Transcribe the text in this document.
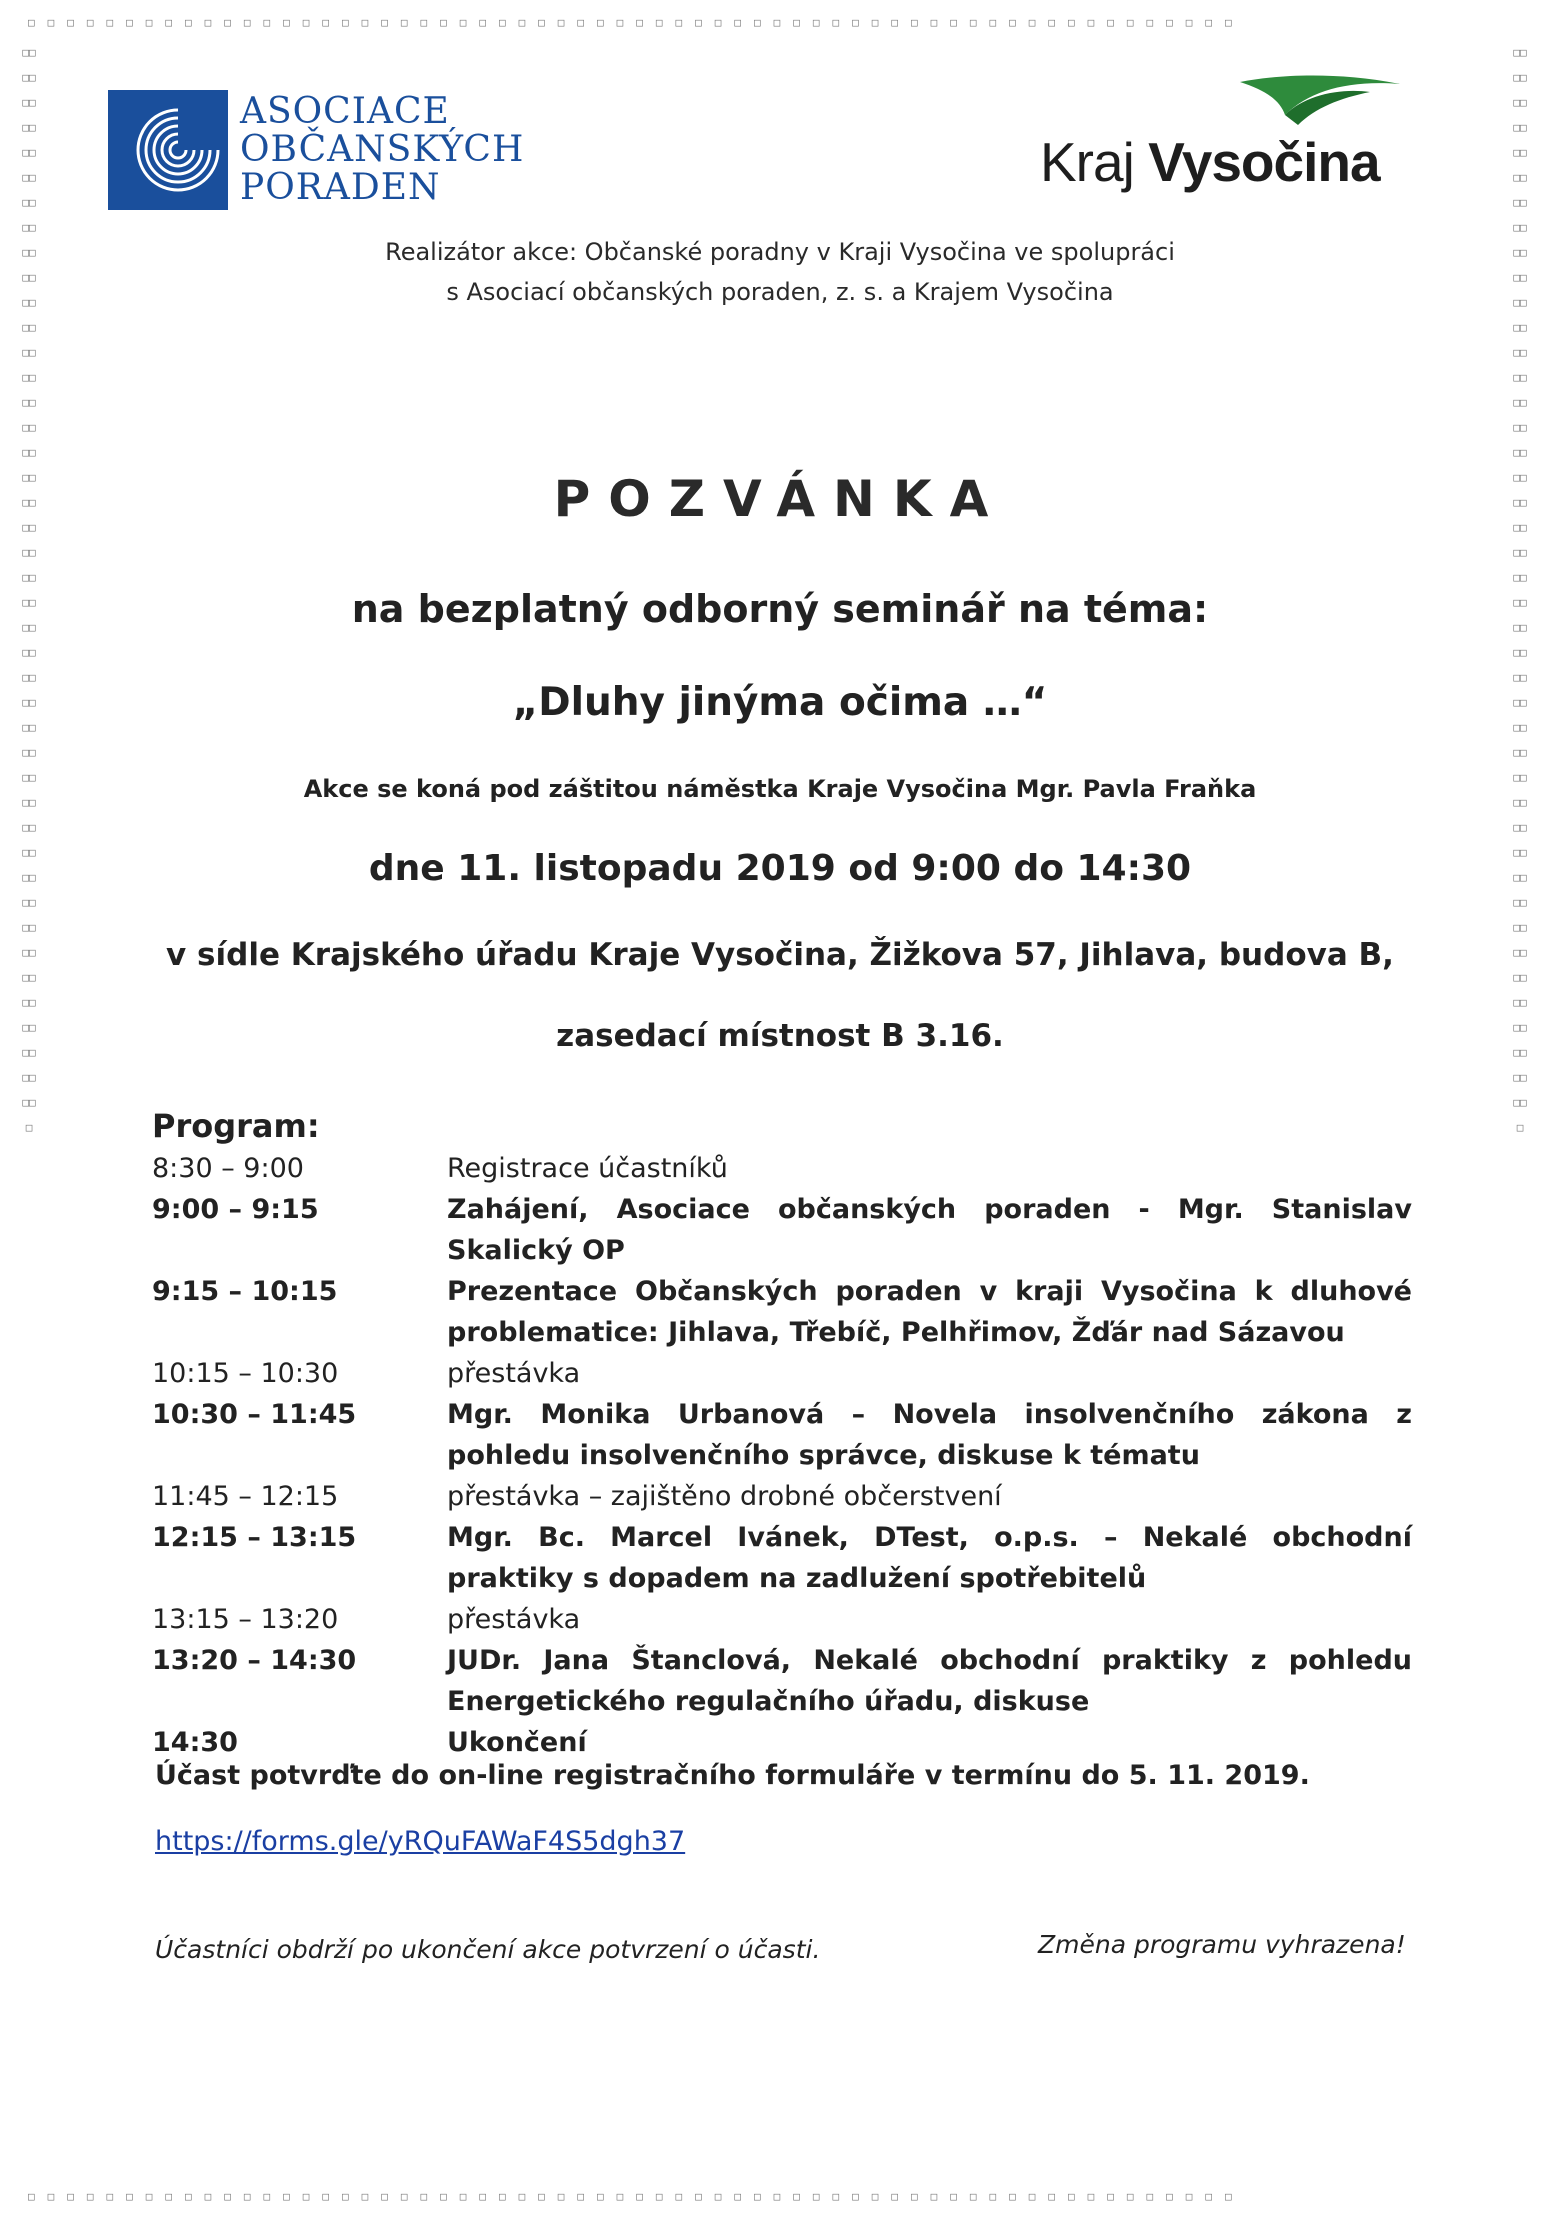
□□□□□□□□□□□□□□□□□□□□□□□□□□□□□□□□□□□□□□□□□□□□□□□□□□□□□□□□□□□□□□
□□□□□□□□□□□□□□□□□□□□□□□□□□□□□□□□□□□□□□□□□□□□□□□□□□□□□□□□□□□□□□
□□□□□□□□□□□□□□□□□□□□□□□□□□□□□□□□□□□□□□□□□□□□□□□□□□□□□□□□□□□□□□□□□□□□□□□□□□□□□□□□□□□□□□□
□□□□□□□□□□□□□□□□□□□□□□□□□□□□□□□□□□□□□□□□□□□□□□□□□□□□□□□□□□□□□□□□□□□□□□□□□□□□□□□□□□□□□□□
ASOCIACE
OBČANSKÝCH
PORADEN	Kraj Vysočina
Realizátor akce: Občanské poradny v Kraji Vysočina ve spolupráci
s Asociací občanských poraden, z. s. a Krajem Vysočina
POZVÁNKA
na bezplatný odborný seminář na téma:
„Dluhy jinýma očima …“
Akce se koná pod záštitou náměstka Kraje Vysočina Mgr. Pavla Fraňka
dne 11. listopadu 2019 od 9:00 do 14:30
v sídle Krajského úřadu Kraje Vysočina, Žižkova 57, Jihlava, budova B,
zasedací místnost B 3.16.
Program:
8:30 – 9:00	Registrace účastníků
9:00 – 9:15	Zahájení, Asociace občanských poraden - Mgr. Stanislav Skalický OP
9:15 – 10:15	Prezentace Občanských poraden v kraji Vysočina k dluhové problematice: Jihlava, Třebíč, Pelhřimov, Žďár nad Sázavou
10:15 – 10:30	přestávka
10:30 – 11:45	Mgr. Monika Urbanová – Novela insolvenčního zákona z pohledu insolvenčního správce, diskuse k tématu
11:45 – 12:15	přestávka – zajištěno drobné občerstvení
12:15 – 13:15	Mgr. Bc. Marcel Ivánek, DTest, o.p.s. – Nekalé obchodní praktiky s dopadem na zadlužení spotřebitelů
13:15 – 13:20	přestávka
13:20 – 14:30	JUDr. Jana Štanclová, Nekalé obchodní praktiky z pohledu Energetického regulačního úřadu, diskuse
14:30	Ukončení
Účast potvrďte do on-line registračního formuláře v termínu do 5. 11. 2019.
https://forms.gle/yRQuFAWaF4S5dgh37
Účastníci obdrží po ukončení akce potvrzení o účasti.	Změna programu vyhrazena!
